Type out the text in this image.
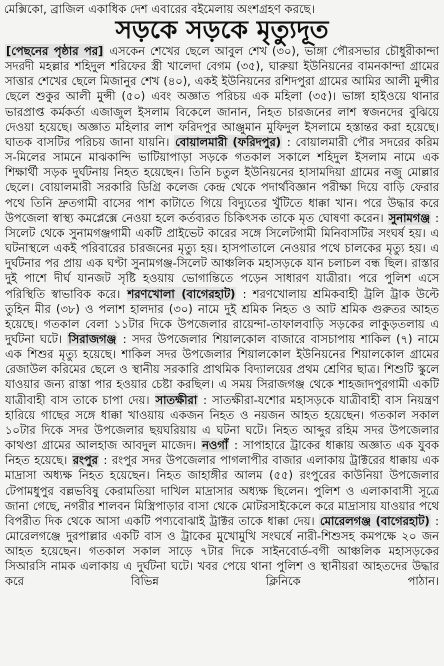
মেক্সিকো, ব্রাজিল একাধিক দেশ এবারের বইমেলায় অংশগ্রহণ করছে।
সড়কে সড়কে মৃত্যুদূত
[পেছনের পৃষ্ঠার পর] এসকেন শেখের ছেলে আবুল শেখ (৩০), ভাঙ্গা পৌরসভার চৌধুরীকান্দা সদরদী মহল্লার শহিদুল শরিফের স্ত্রী খালেদা বেগম (৩৫), ঘারুয়া ইউনিয়নের বামনকান্দা গ্রামের সাত্তার শেখের ছেলে মিজানুর শেখ (৪০), একই ইউনিয়নের রশিদপুরা গ্রামের আমির আলী মুন্সীর ছেলে শুকুর আলী মুন্সী (৫০) এবং অজ্ঞাত পরিচয় এক মহিলা (৩৫)। ভাঙ্গা হাইওয়ে থানার ভারপ্রাপ্ত কর্মকর্তা এজাজুল ইসলাম বিকেলে জানান, নিহত চারজনের লাশ স্বজনদের বুঝিয়ে দেওয়া হয়েছে। অজ্ঞাত মহিলার লাশ ফরিদপুর আঞ্জুমান মুফিদুল ইসলামে হস্তান্তর করা হয়েছে। ঘাতক বাসটির পরিচয় জানা যায়নি। বোয়ালমারী (ফরিদপুর) : বোয়ালমারী পৌর সদরের করিম স-মিলের সামনে মাঝকান্দি ভাটিয়াপাড়া সড়কে গতকাল সকালে শহিদুল ইসলাম নামে এক শিক্ষার্থী সড়ক দুর্ঘটনায় নিহত হয়েছেন। তিনি চতুল ইউনিয়নের হাসামদিয়া গ্রামের নজু মোল্লার ছেলে। বোয়ালমারী সরকারি ডিগ্রি কলেজ কেন্দ্র থেকে পদার্থবিজ্ঞান পরীক্ষা দিয়ে বাড়ি ফেরার পথে তিনি দ্রুতগামী বাসের পাশ কাটাতে গিয়ে বিদ্যুতের খুঁটিতে ধাক্কা খান। পরে উদ্ধার করে উপজেলা স্বাস্থ্য কমপ্লেক্সে নেওয়া হলে কর্তব্যরত চিকিৎসক তাকে মৃত ঘোষণা করেন। সুনামগঞ্জ : সিলেট থেকে সুনামগঞ্জগামী একটি প্রাইভেট কারের সঙ্গে সিলেটগামী মিনিবাসটির সংঘর্ষ হয়। এ ঘটনাস্থলে একই পরিবারের চারজনের মৃত্যু হয়। হাসপাতালে নেওয়ার পথে চালকের মৃত্যু হয়। এ দুর্ঘটনার পর প্রায় এক ঘণ্টা সুনামগঞ্জ-সিলেট আঞ্চলিক মহাসড়কে যান চলাচল বন্ধ ছিল। রাস্তার দুই পাশে দীর্ঘ যানজট সৃষ্টি হওয়ায় ভোগান্তিতে পড়েন সাধারণ যাত্রীরা। পরে পুলিশ এসে পরিস্থিতি স্বাভাবিক করে। শরণখোলা (বাগেরহাট) : শরণখোলায় শ্রমিকবাহী ট্রলি ট্রাক উল্টে তুহিন মীর (৩৮) ও পলাশ হালদার (৩০) নামে দুই শ্রমিক নিহত ও আট শ্রমিক গুরুতর আহত হয়েছে। গতকাল বেলা ১১টার দিকে উপজেলার রায়েন্দা-তাফালবাড়ি সড়কের লাকুড়তলায় এ দুর্ঘটনা ঘটে। সিরাজগঞ্জ : সদর উপজেলার শিয়ালকোল বাজারে বাসচাপায় শাকিল (৭) নামে এক শিশুর মৃত্যু হয়েছে। শাকিল সদর উপজেলার শিয়ালকোল ইউনিয়নের শিয়ালকোল গ্রামের রেজাউল করিমের ছেলে ও স্থানীয় সরকারি প্রাথমিক বিদ্যালয়ের প্রথম শ্রেণির ছাত্র। শিশুটি স্কুলে যাওয়ার জন্য রাস্তা পার হওয়ার চেষ্টা করছিল। এ সময় সিরাজগঞ্জ থেকে শাহজাদপুরগামী একটি যাত্রীবাহী বাস তাকে চাপা দেয়। সাতক্ষীরা : সাতক্ষীরা-যশোর মহাসড়কে যাত্রীবাহী বাস নিয়ন্ত্রণ হারিয়ে গাছের সঙ্গে ধাক্কা খাওয়ায় একজন নিহত ও নয়জন আহত হয়েছেন। গতকাল সকাল ১০টার দিকে সদর উপজেলার ছয়ঘরিয়ায় এ ঘটনা ঘটে। নিহত আব্দুর রহিম সদর উপজেলার কাথণ্ডা গ্রামের আলহাজ আবদুল মাজেদ। নওগাঁ : সাপাহারে ট্রাকের ধাক্কায় অজ্ঞাত এক যুবক নিহত হয়েছে। রংপুর : রংপুর সদর উপজেলার পাগলাপীর বাজার এলাকায় ট্রাক্টরের ধাক্কায় এক মাদ্রাসা অধ্যক্ষ নিহত হয়েছেন। নিহত জাহাঙ্গীর আলম (৫৫) রংপুরের কাউনিয়া উপজেলার টেপামধুপুর বল্লভবিষু কেরামতিয়া দাখিল মাদ্রাসার অধ্যক্ষ ছিলেন। পুলিশ ও এলাকাবাসী সূত্রে জানা গেছে, নগরীর শালবন মিস্ত্রিপাড়ার বাসা থেকে মোটরসাইকেলে করে মাদ্রাসায় যাওয়ার পথে বিপরীত দিক থেকে আসা একটি পণ্যবোঝাই ট্রাক্টর তাকে ধাক্কা দেয়। মোরেলগঞ্জ (বাগেরহাট) : মোরেলগঞ্জে দুরপাল্লার একটি বাস ও ট্রাকের মুখোমুখি সংঘর্ষে নারী-শিশুসহ কমপক্ষে ২০ জন আহত হয়েছেন। গতকাল সকাল সাড়ে ৭টার দিকে সাইনবোর্ড-বগী আঞ্চলিক মহাসড়কের সিআরসি নামক এলাকায় এ দুর্ঘটনা ঘটে। খবর পেয়ে থানা পুলিশ ও স্থানীয়রা আহতদের উদ্ধার করে বিভিন্ন ক্লিনিকে পাঠান।
